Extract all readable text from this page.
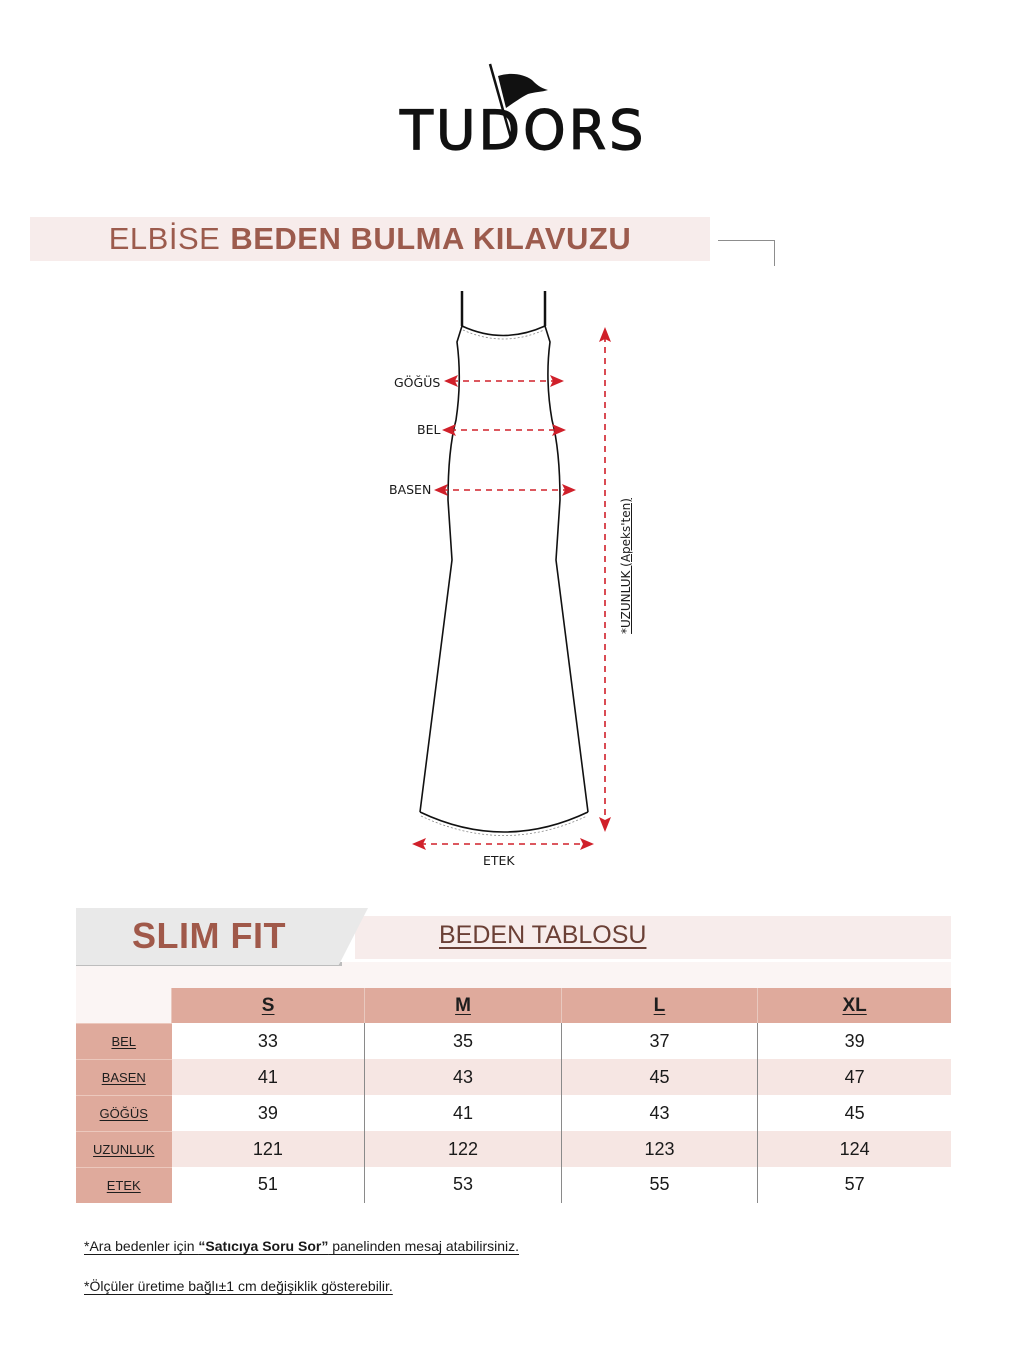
TUDORS
ELBİSE BEDEN BULMA KILAVUZU
GÖĞÜS
BEL
BASEN
ETEK
*UZUNLUK (Apeks'ten)
SLIM FIT	BEDEN TABLOSU
	S	M	L	XL
BEL	33	35	37	39
BASEN	41	43	45	47
GÖĞÜS	39	41	43	45
UZUNLUK	121	122	123	124
ETEK	51	53	55	57
*Ara bedenler için “Satıcıya Soru Sor” panelinden mesaj atabilirsiniz.
*Ölçüler üretime bağlı±1 cm değişiklik gösterebilir.
